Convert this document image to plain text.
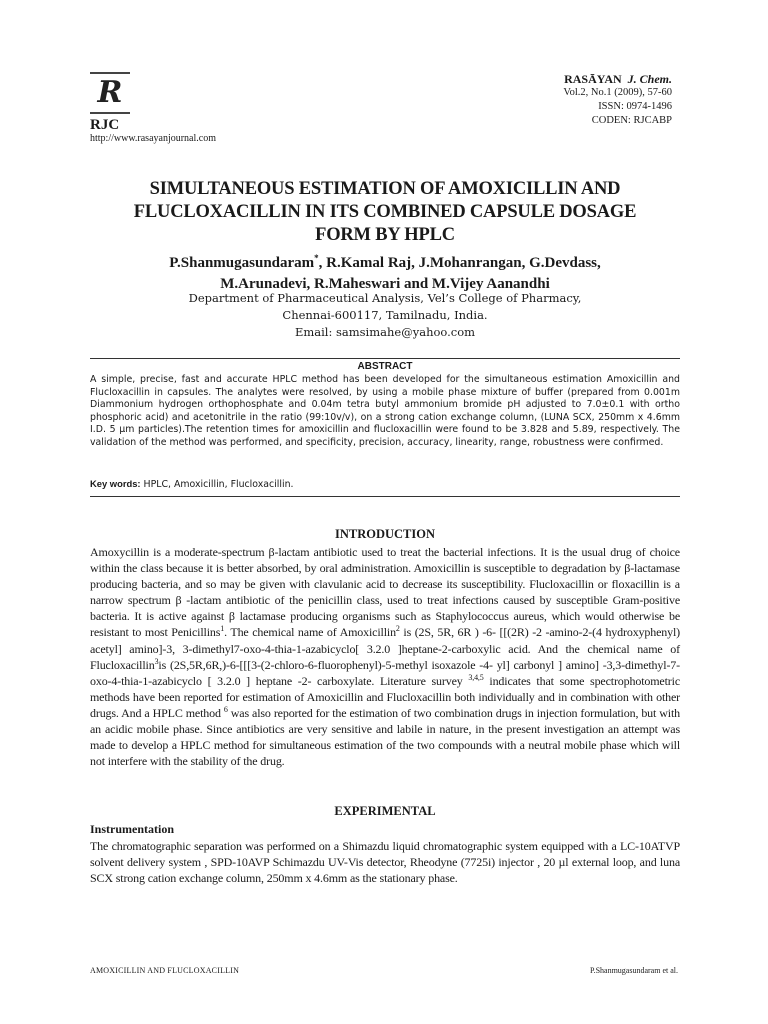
R
RJC
http://www.rasayanjournal.com
RASĀYAN J. Chem.
Vol.2, No.1 (2009), 57-60
ISSN: 0974-1496
CODEN: RJCABP
SIMULTANEOUS ESTIMATION OF AMOXICILLIN AND
FLUCLOXACILLIN IN ITS COMBINED CAPSULE DOSAGE
FORM BY HPLC
P.Shanmugasundaram*, R.Kamal Raj, J.Mohanrangan, G.Devdass,
M.Arunadevi, R.Maheswari and M.Vijey Aanandhi
Department of Pharmaceutical Analysis, Vel’s College of Pharmacy,
Chennai-600117, Tamilnadu, India.
Email: samsimahe@yahoo.com
ABSTRACT
A simple, precise, fast and accurate HPLC method has been developed for the simultaneous estimation Amoxicillin and Flucloxacillin in capsules. The analytes were resolved, by using a mobile phase mixture of buffer (prepared from 0.001m Diammonium hydrogen orthophosphate and 0.04m tetra butyl ammonium bromide pH adjusted to 7.0±0.1 with ortho phosphoric acid) and acetonitrile in the ratio (99:10v/v), on a strong cation exchange column, (LUNA SCX, 250mm x 4.6mm I.D. 5 µm particles).The retention times for amoxicillin and flucloxacillin were found to be 3.828 and 5.89, respectively. The validation of the method was performed, and specificity, precision, accuracy, linearity, range, robustness were confirmed.
Key words: HPLC, Amoxicillin, Flucloxacillin.
INTRODUCTION
Amoxycillin is a moderate-spectrum β-lactam antibiotic used to treat the bacterial infections. It is the usual drug of choice within the class because it is better absorbed, by oral administration. Amoxicillin is susceptible to degradation by β-lactamase producing bacteria, and so may be given with clavulanic acid to decrease its susceptibility. Flucloxacillin or floxacillin is a narrow spectrum β -lactam antibiotic of the penicillin class, used to treat infections caused by susceptible Gram-positive bacteria. It is active against β lactamase producing organisms such as Staphylococcus aureus, which would otherwise be resistant to most Penicillins$^1$. The chemical name of Amoxicillin$^2$ is (2S, 5R, 6R ) -6- [[(2R) -2 -amino-2-(4 hydroxyphenyl) acetyl] amino]-3, 3-dimethyl7-oxo-4-thia-1-azabicyclo[ 3.2.0 ]heptane-2-carboxylic acid. And the chemical name of Flucloxacillin$^3$is (2S,5R,6R,)-6-[[[3-(2-chloro-6-fluorophenyl)-5-methyl isoxazole -4- yl] carbonyl ] amino] -3,3-dimethyl-7-oxo-4-thia-1-azabicyclo [ 3.2.0 ] heptane -2- carboxylate. Literature survey $^{3,4,5}$ indicates that some spectrophotometric methods have been reported for estimation of Amoxicillin and Flucloxacillin both individually and in combination with other drugs. And a HPLC method $^6$ was also reported for the estimation of two combination drugs in injection formulation, but with an acidic mobile phase. Since antibiotics are very sensitive and labile in nature, in the present investigation an attempt was made to develop a HPLC method for simultaneous estimation of the two compounds with a neutral mobile phase which will not interfere with the stability of the drug.
EXPERIMENTAL
Instrumentation
The chromatographic separation was performed on a Shimazdu liquid chromatographic system equipped with a LC-10ATVP solvent delivery system , SPD-10AVP Schimazdu UV-Vis detector, Rheodyne (7725i) injector , 20 µl external loop, and luna SCX strong cation exchange column, 250mm x 4.6mm as the stationary phase.
AMOXICILLIN AND FLUCLOXACILLIN	P.Shanmugasundaram et al.
